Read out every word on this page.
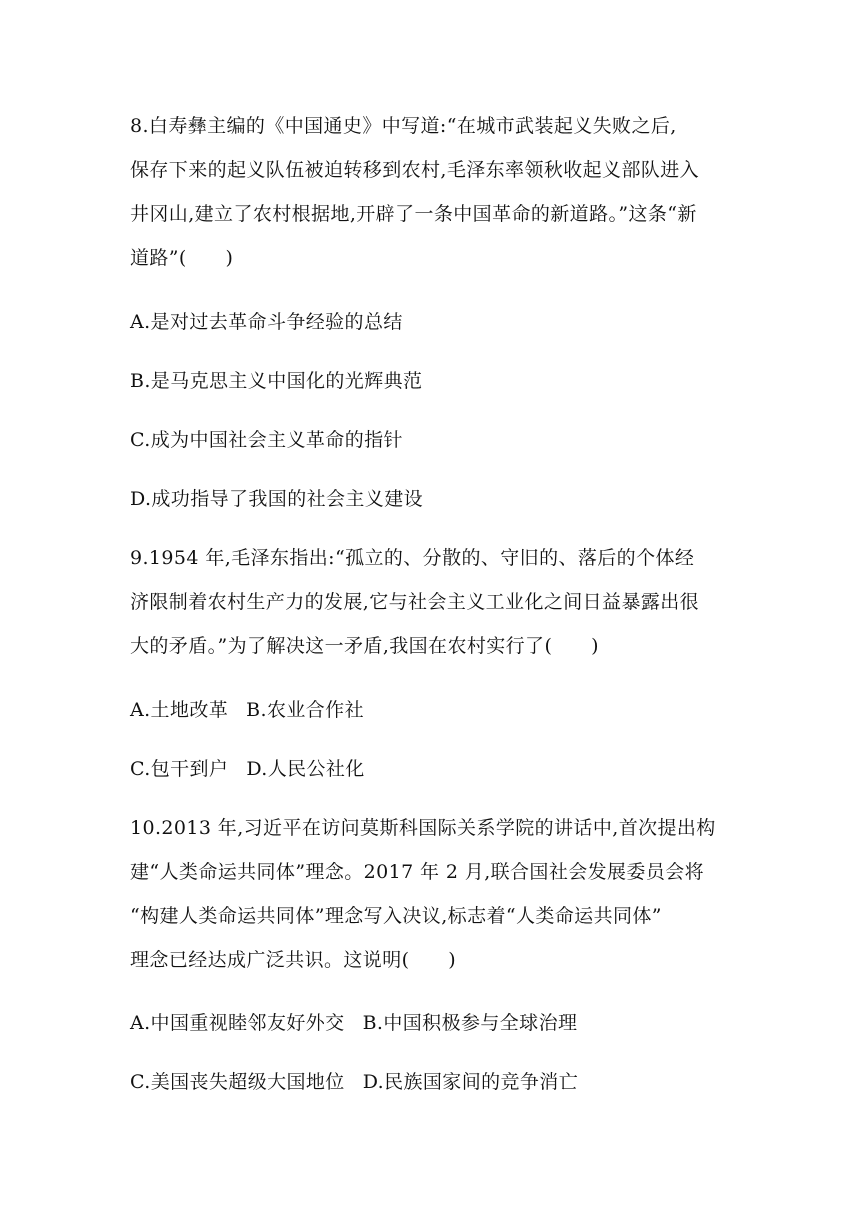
8.白寿彝主编的《中国通史》中写道:“在城市武装起义失败之后,
保存下来的起义队伍被迫转移到农村,毛泽东率领秋收起义部队进入
井冈山,建立了农村根据地,开辟了一条中国革命的新道路。”这条“新
道路”(　　)
A.是对过去革命斗争经验的总结
B.是马克思主义中国化的光辉典范
C.成为中国社会主义革命的指针
D.成功指导了我国的社会主义建设
9.1954 年,毛泽东指出:“孤立的、分散的、守旧的、落后的个体经
济限制着农村生产力的发展,它与社会主义工业化之间日益暴露出很
大的矛盾。”为了解决这一矛盾,我国在农村实行了(　　)
A.土地改革 B.农业合作社
C.包干到户 D.人民公社化
10.2013 年,习近平在访问莫斯科国际关系学院的讲话中,首次提出构
建“人类命运共同体”理念。2017 年 2 月,联合国社会发展委员会将
“构建人类命运共同体”理念写入决议,标志着“人类命运共同体”
理念已经达成广泛共识。这说明(　　)
A.中国重视睦邻友好外交 B.中国积极参与全球治理
C.美国丧失超级大国地位 D.民族国家间的竞争消亡
